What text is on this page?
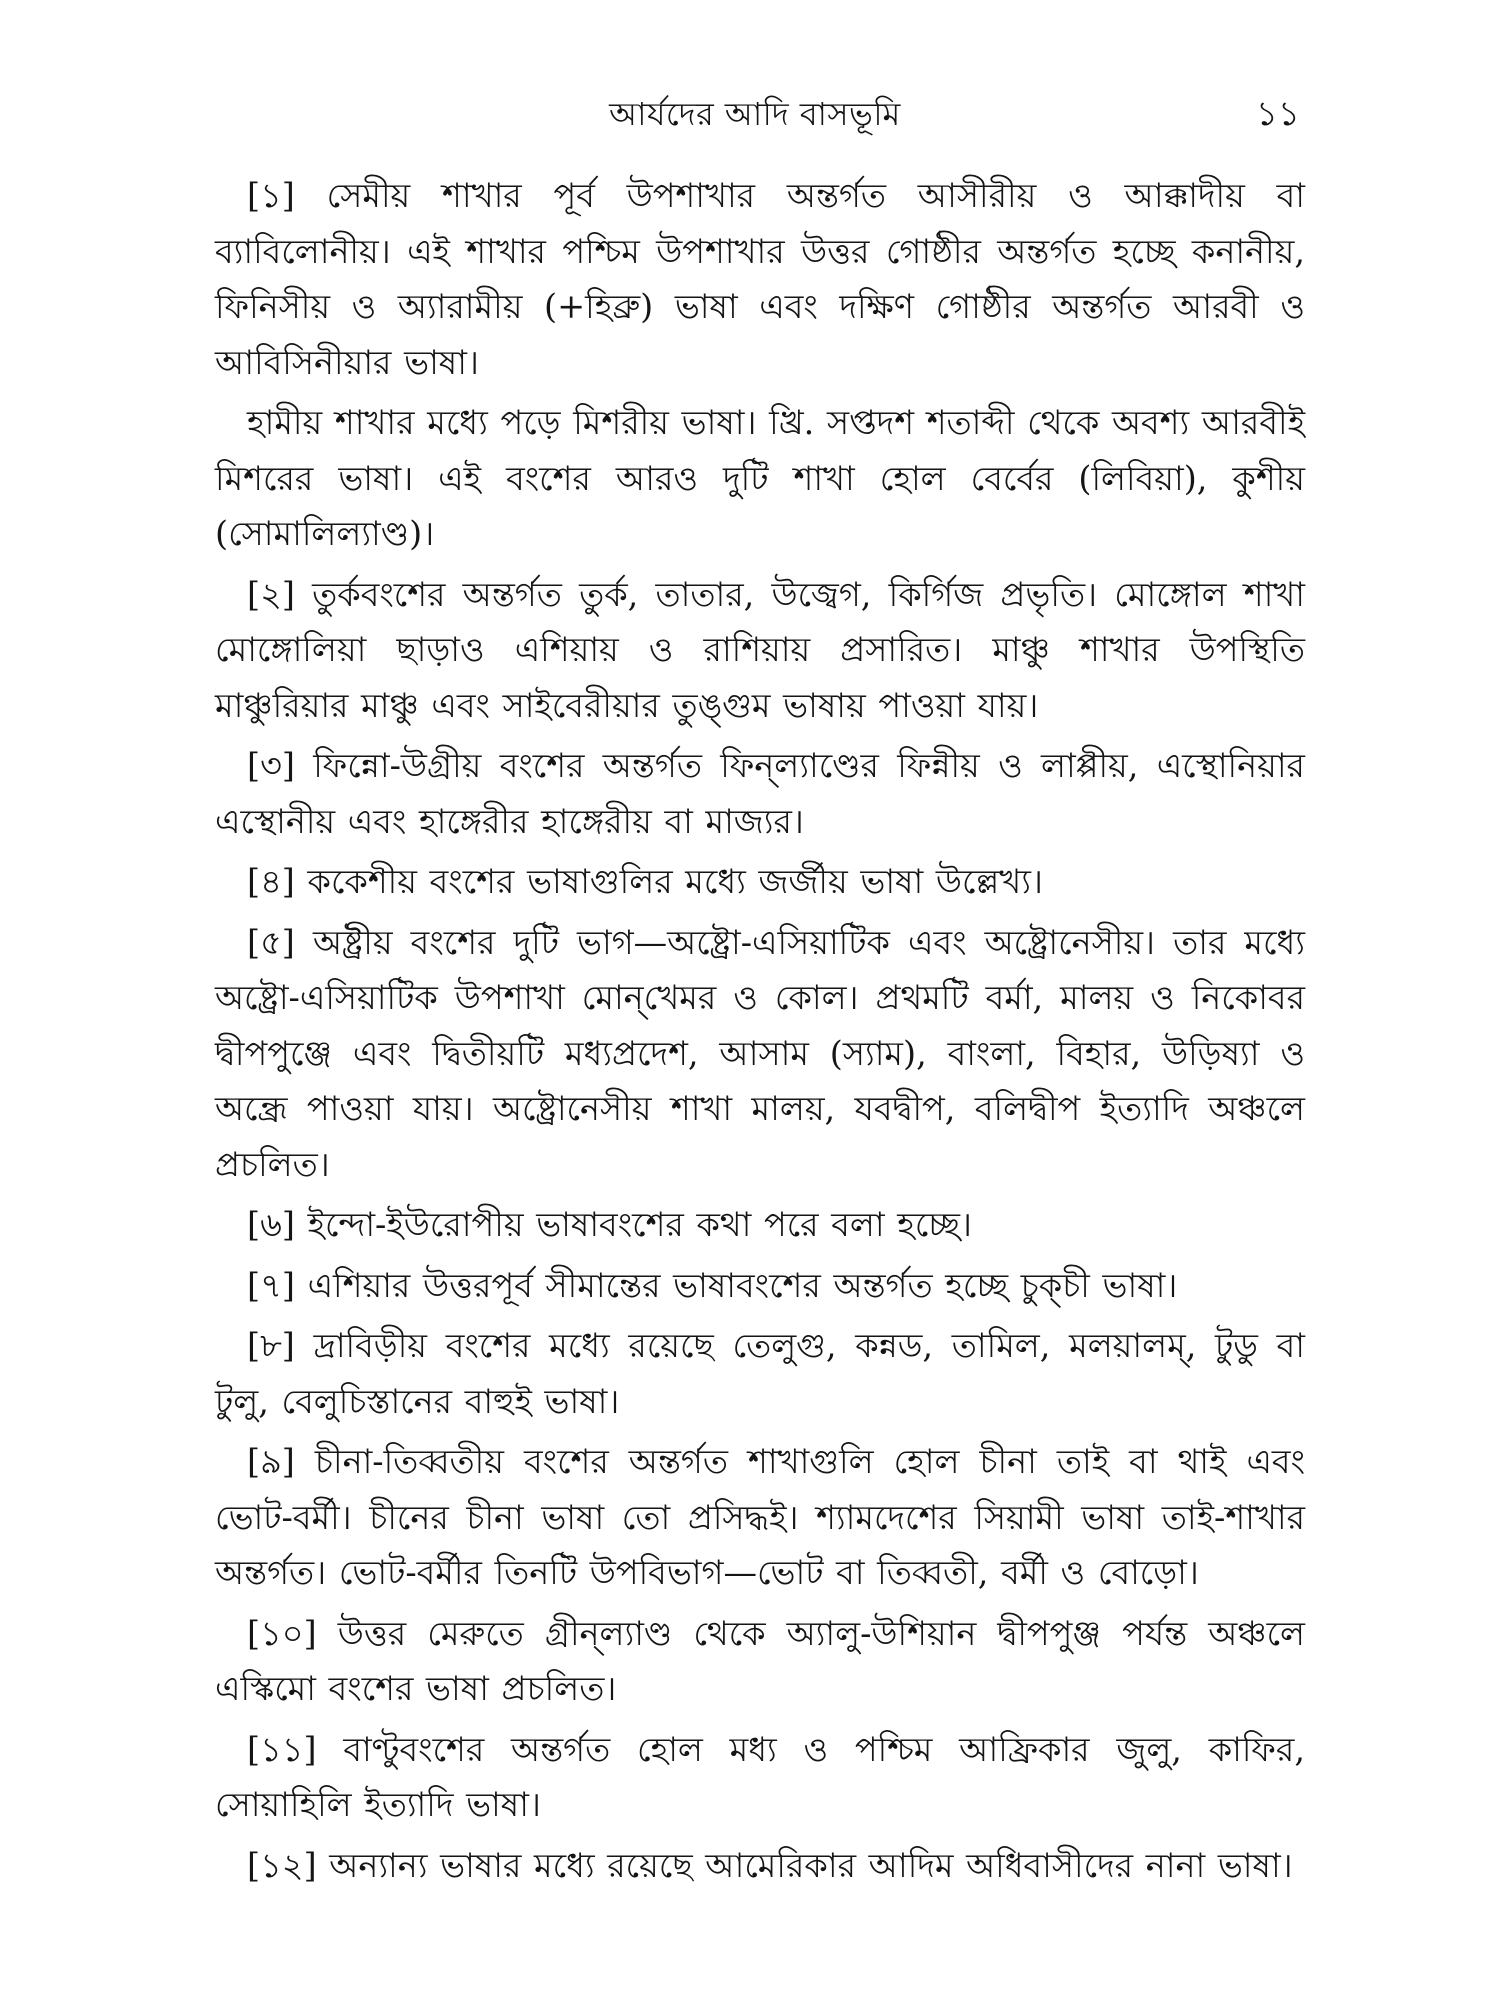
আর্যদের আদি বাসভূমি	১১

[১] সেমীয় শাখার পূর্ব উপশাখার অন্তর্গত আসীরীয় ও আক্কাদীয় বা ব্যাবিলোনীয়। এই শাখার পশ্চিম উপশাখার উত্তর গোষ্ঠীর অন্তর্গত হচ্ছে কনানীয়, ফিনিসীয় ও অ্যারামীয় (+হিব্রু) ভাষা এবং দক্ষিণ গোষ্ঠীর অন্তর্গত আরবী ও আবিসিনীয়ার ভাষা।

হামীয় শাখার মধ্যে পড়ে মিশরীয় ভাষা। খ্রি. সপ্তদশ শতাব্দী থেকে অবশ্য আরবীই মিশরের ভাষা। এই বংশের আরও দুটি শাখা হোল বের্বের (লিবিয়া), কুশীয় (সোমালিল্যাণ্ড)।

[২] তুর্কবংশের অন্তর্গত তুর্ক, তাতার, উজ্বেগ, কির্গিজ প্রভৃতি। মোঙ্গোল শাখা মোঙ্গোলিয়া ছাড়াও এশিয়ায় ও রাশিয়ায় প্রসারিত। মাঞ্চু শাখার উপস্থিতি মাঞ্চুরিয়ার মাঞ্চু এবং সাইবেরীয়ার তুঙ্গুম ভাষায় পাওয়া যায়।

[৩] ফিন্নো-উগ্রীয় বংশের অন্তর্গত ফিন্ল্যাণ্ডের ফিন্নীয় ও লাপ্পীয়, এস্থোনিয়ার এস্থোনীয় এবং হাঙ্গেরীর হাঙ্গেরীয় বা মাজ্যর।

[৪] ককেশীয় বংশের ভাষাগুলির মধ্যে জর্জীয় ভাষা উল্লেখ্য।

[৫] অষ্ট্রীয় বংশের দুটি ভাগ—অষ্ট্রো-এসিয়াটিক এবং অষ্ট্রোনেসীয়। তার মধ্যে অষ্ট্রো-এসিয়াটিক উপশাখা মোন্‌খেমর ও কোল। প্রথমটি বর্মা, মালয় ও নিকোবর দ্বীপপুঞ্জে এবং দ্বিতীয়টি মধ্যপ্রদেশ, আসাম (স্যাম), বাংলা, বিহার, উড়িষ্যা ও অন্ধ্রে পাওয়া যায়। অষ্ট্রোনেসীয় শাখা মালয়, যবদ্বীপ, বলিদ্বীপ ইত্যাদি অঞ্চলে প্রচলিত।

[৬] ইন্দো-ইউরোপীয় ভাষাবংশের কথা পরে বলা হচ্ছে।

[৭] এশিয়ার উত্তরপূর্ব সীমান্তের ভাষাবংশের অন্তর্গত হচ্ছে চুক্‌চী ভাষা।

[৮] দ্রাবিড়ীয় বংশের মধ্যে রয়েছে তেলুগু, কন্নড, তামিল, মলয়ালম্‌, টুডু বা টুলু, বেলুচিস্তানের বাহুই ভাষা।

[৯] চীনা-তিব্বতীয় বংশের অন্তর্গত শাখাগুলি হোল চীনা তাই বা থাই এবং ভোট-বর্মী। চীনের চীনা ভাষা তো প্রসিদ্ধই। শ্যামদেশের সিয়ামী ভাষা তাই-শাখার অন্তর্গত। ভোট-বর্মীর তিনটি উপবিভাগ—ভোট বা তিব্বতী, বর্মী ও বোড়ো।

[১০] উত্তর মেরুতে গ্রীন্‌ল্যাণ্ড থেকে অ্যালু-উশিয়ান দ্বীপপুঞ্জ পর্যন্ত অঞ্চলে এস্কিমো বংশের ভাষা প্রচলিত।

[১১] বাণ্টুবংশের অন্তর্গত হোল মধ্য ও পশ্চিম আফ্রিকার জুলু, কাফির, সোয়াহিলি ইত্যাদি ভাষা।

[১২] অন্যান্য ভাষার মধ্যে রয়েছে আমেরিকার আদিম অধিবাসীদের নানা ভাষা।
